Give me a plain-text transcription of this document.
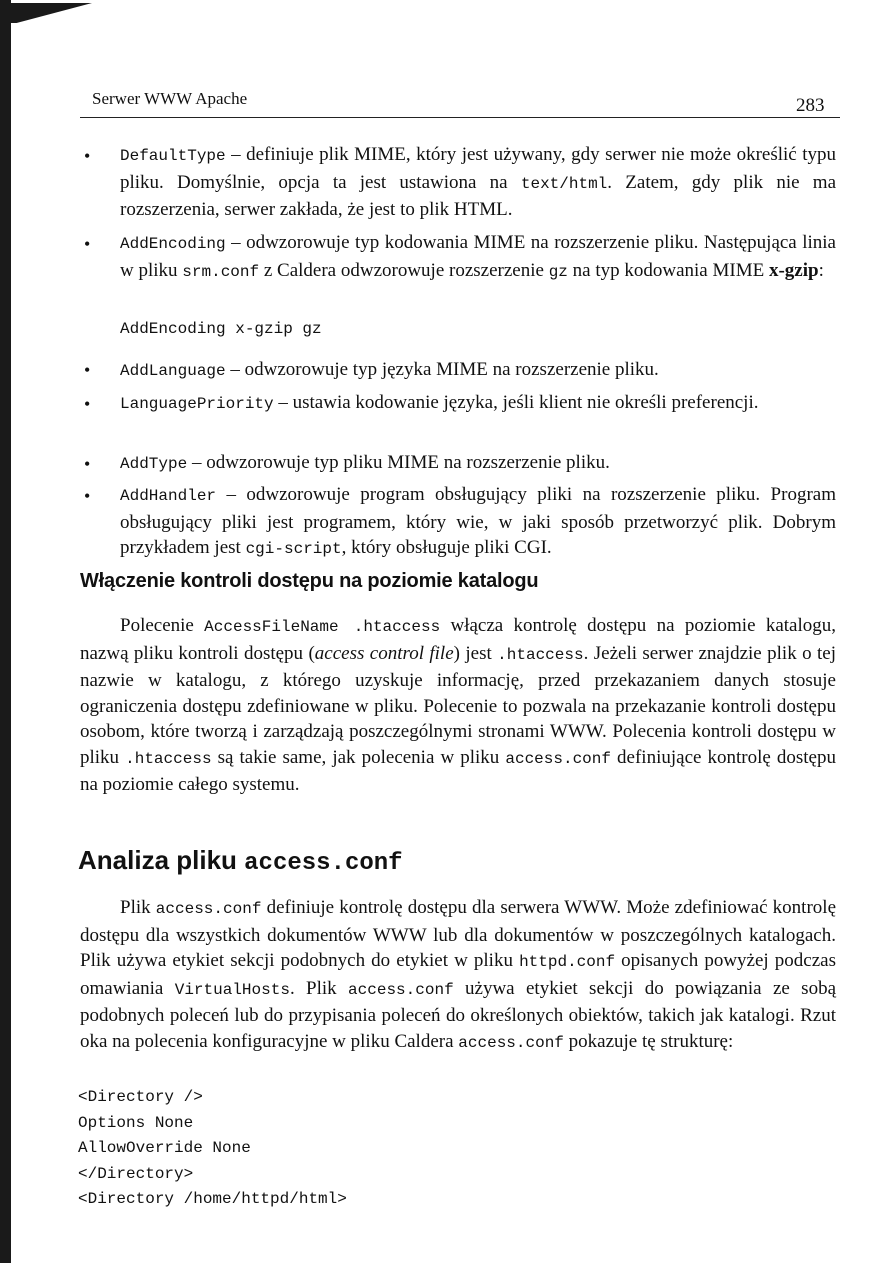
Serwer WWW Apache	283
• DefaultType – definiuje plik MIME, który jest używany, gdy serwer nie może określić typu pliku. Domyślnie, opcja ta jest ustawiona na text/html. Zatem, gdy plik nie ma rozszerzenia, serwer zakłada, że jest to plik HTML.
• AddEncoding – odwzorowuje typ kodowania MIME na rozszerzenie pliku. Następująca linia w pliku srm.conf z Caldera odwzorowuje rozszerzenie gz na typ kodowania MIME x-gzip:
AddEncoding x-gzip gz
• AddLanguage – odwzorowuje typ języka MIME na rozszerzenie pliku.
• LanguagePriority – ustawia kodowanie języka, jeśli klient nie określi preferencji.
• AddType – odwzorowuje typ pliku MIME na rozszerzenie pliku.
• AddHandler – odwzorowuje program obsługujący pliki na rozszerzenie pliku. Program obsługujący pliki jest programem, który wie, w jaki sposób przetworzyć plik. Dobrym przykładem jest cgi-script, który obsługuje pliki CGI.
Włączenie kontroli dostępu na poziomie katalogu
Polecenie AccessFileName .htaccess włącza kontrolę dostępu na poziomie katalogu, nazwą pliku kontroli dostępu (access control file) jest .htaccess. Jeżeli serwer znajdzie plik o tej nazwie w katalogu, z którego uzyskuje informację, przed przekazaniem danych stosuje ograniczenia dostępu zdefiniowane w pliku. Polecenie to pozwala na przekazanie kontroli dostępu osobom, które tworzą i zarządzają poszczególnymi stronami WWW. Polecenia kontroli dostępu w pliku .htaccess są takie same, jak polecenia w pliku access.conf definiujące kontrolę dostępu na poziomie całego systemu.
Analiza pliku access.conf
Plik access.conf definiuje kontrolę dostępu dla serwera WWW. Może zdefiniować kontrolę dostępu dla wszystkich dokumentów WWW lub dla dokumentów w poszczególnych katalogach. Plik używa etykiet sekcji podobnych do etykiet w pliku httpd.conf opisanych powyżej podczas omawiania VirtualHosts. Plik access.conf używa etykiet sekcji do powiązania ze sobą podobnych poleceń lub do przypisania poleceń do określonych obiektów, takich jak katalogi. Rzut oka na polecenia konfiguracyjne w pliku Caldera access.conf pokazuje tę strukturę:
<Directory />
Options None
AllowOverride None
</Directory>
<Directory /home/httpd/html>
